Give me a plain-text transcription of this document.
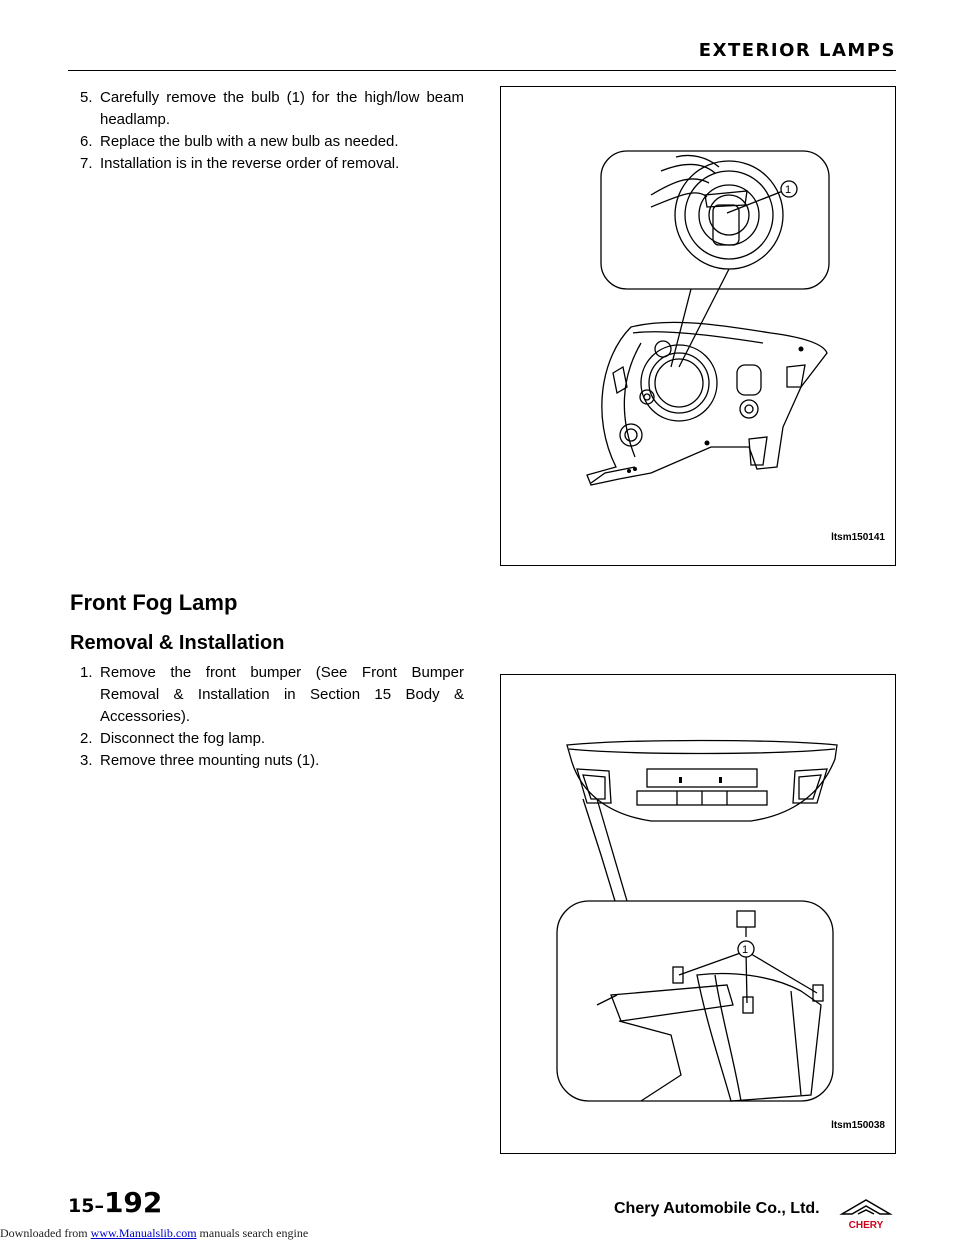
EXTERIOR LAMPS
5. Carefully remove the bulb (1) for the high/low beam headlamp.
6. Replace the bulb with a new bulb as needed.
7. Installation is in the reverse order of removal.
1
ltsm150141
Front Fog Lamp
Removal & Installation
1. Remove the front bumper (See Front Bumper Removal & Installation in Section 15 Body & Accessories).
2. Disconnect the fog lamp.
3. Remove three mounting nuts (1).
1
ltsm150038
15–192	Chery Automobile Co., Ltd.
CHERY
Downloaded from www.Manualslib.com manuals search engine
